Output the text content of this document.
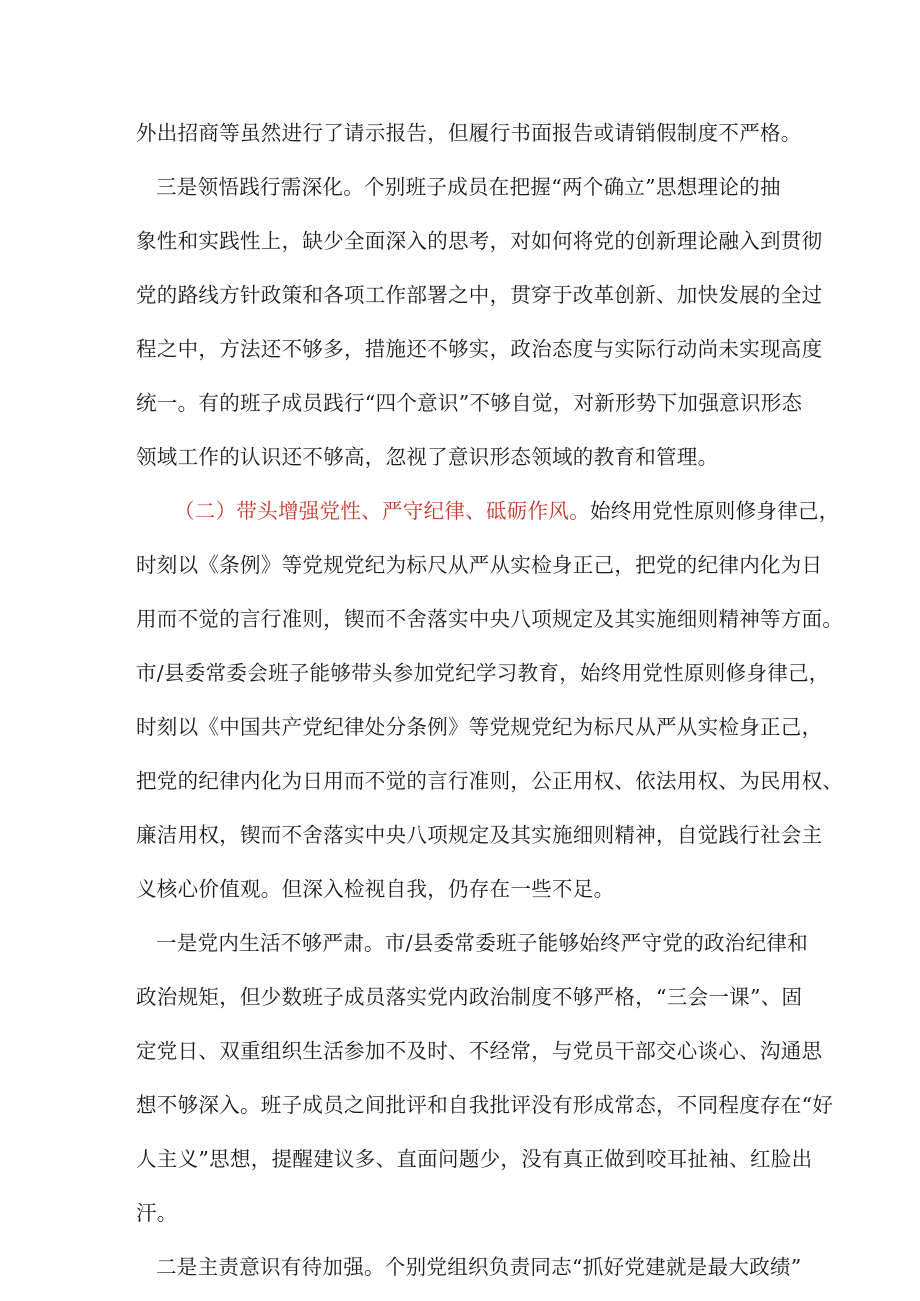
外出招商等虽然进行了请示报告，但履行书面报告或请销假制度不严格。
三是领悟践行需深化。个别班子成员在把握“两个确立”思想理论的抽
象性和实践性上，缺少全面深入的思考，对如何将党的创新理论融入到贯彻
党的路线方针政策和各项工作部署之中，贯穿于改革创新、加快发展的全过
程之中，方法还不够多，措施还不够实，政治态度与实际行动尚未实现高度
统一。有的班子成员践行“四个意识”不够自觉，对新形势下加强意识形态
领域工作的认识还不够高，忽视了意识形态领域的教育和管理。
（二）带头增强党性、严守纪律、砥砺作风。始终用党性原则修身律己，
时刻以《条例》等党规党纪为标尺从严从实检身正己，把党的纪律内化为日
用而不觉的言行准则，锲而不舍落实中央八项规定及其实施细则精神等方面。
市/县委常委会班子能够带头参加党纪学习教育，始终用党性原则修身律己，
时刻以《中国共产党纪律处分条例》等党规党纪为标尺从严从实检身正己，
把党的纪律内化为日用而不觉的言行准则，公正用权、依法用权、为民用权、
廉洁用权，锲而不舍落实中央八项规定及其实施细则精神，自觉践行社会主
义核心价值观。但深入检视自我，仍存在一些不足。
一是党内生活不够严肃。市/县委常委班子能够始终严守党的政治纪律和
政治规矩，但少数班子成员落实党内政治制度不够严格，“三会一课”、固
定党日、双重组织生活参加不及时、不经常，与党员干部交心谈心、沟通思
想不够深入。班子成员之间批评和自我批评没有形成常态，不同程度存在“好
人主义”思想，提醒建议多、直面问题少，没有真正做到咬耳扯袖、红脸出
汗。
二是主责意识有待加强。个别党组织负责同志“抓好党建就是最大政绩”
